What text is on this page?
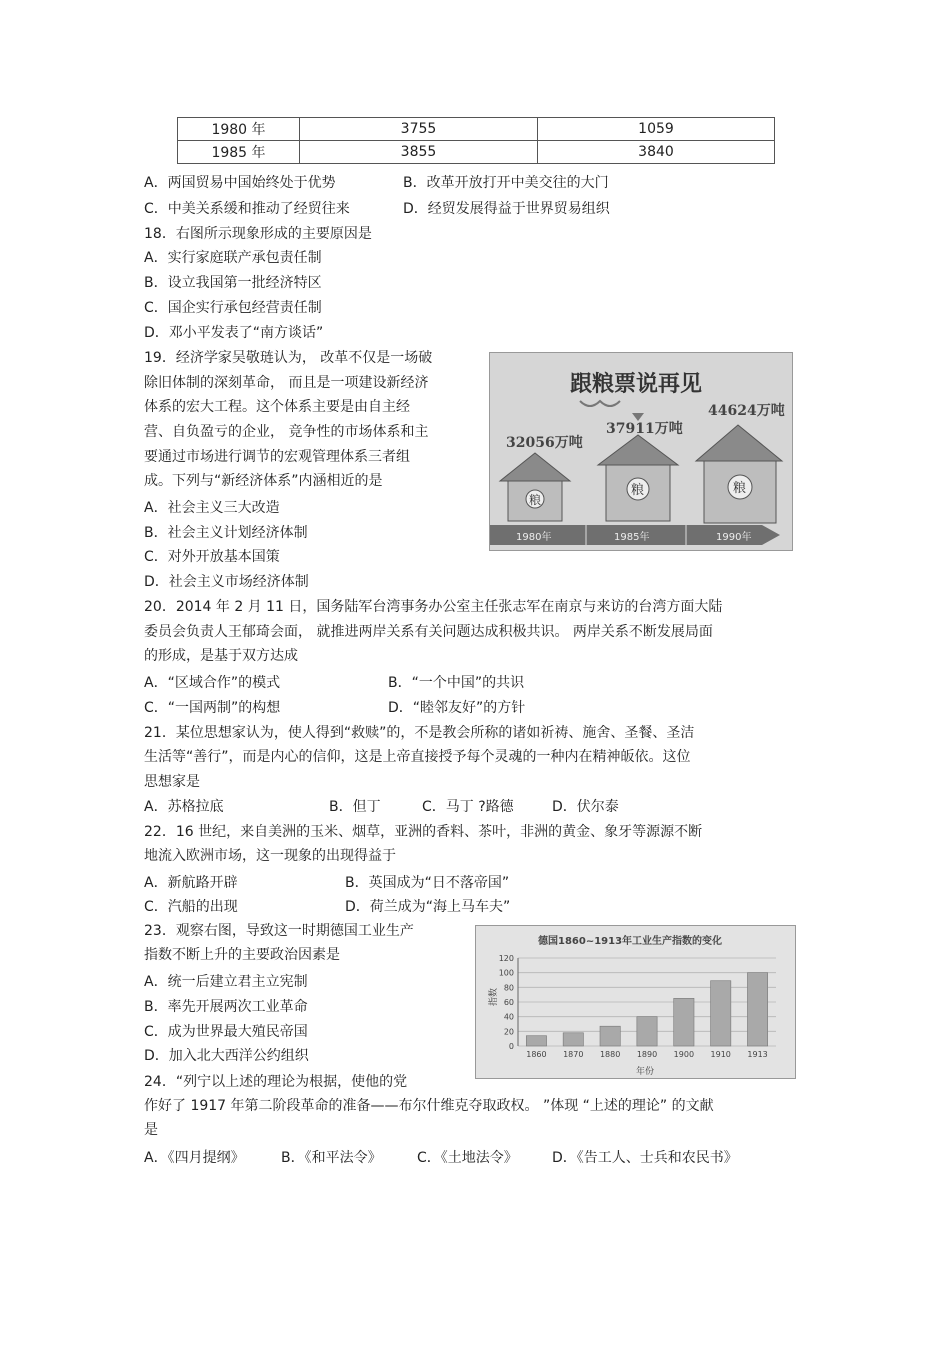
1980 年	3755	1059
1985 年	3855	3840
A．两国贸易中国始终处于优势	B．改革开放打开中美交往的大门
C．中美关系缓和推动了经贸往来	D．经贸发展得益于世界贸易组织
18．右图所示现象形成的主要原因是
A．实行家庭联产承包责任制
B．设立我国第一批经济特区
C．国企实行承包经营责任制
D．邓小平发表了“南方谈话”
19．经济学家吴敬琏认为， 改革不仅是一场破
除旧体制的深刻革命， 而且是一项建设新经济
体系的宏大工程。这个体系主要是由自主经
营、自负盈亏的企业， 竞争性的市场体系和主
要通过市场进行调节的宏观管理体系三者组
成。下列与“新经济体系”内涵相近的是
A．社会主义三大改造
B．社会主义计划经济体制
C．对外开放基本国策
D．社会主义市场经济体制
跟粮票说再见
32056万吨
37911万吨
44624万吨
粮
粮	粮
1980年	1985年	1990年
20．2014 年 2 月 11 日，国务陆军台湾事务办公室主任张志军在南京与来访的台湾方面大陆
委员会负责人王郁琦会面， 就推进两岸关系有关问题达成积极共识。 两岸关系不断发展局面
的形成，是基于双方达成
A．“区域合作”的模式	B．“一个中国”的共识
C．“一国两制”的构想	D．“睦邻友好”的方针
21．某位思想家认为，使人得到“救赎”的，不是教会所称的诸如祈祷、施舍、圣餐、圣洁
生活等“善行”，而是内心的信仰，这是上帝直接授予每个灵魂的一种内在精神皈依。这位
思想家是
A．苏格拉底	B．但丁	C．马丁 ?路德	D．伏尔泰
22．16 世纪，来自美洲的玉米、烟草，亚洲的香料、茶叶，非洲的黄金、象牙等源源不断
地流入欧洲市场，这一现象的出现得益于
A．新航路开辟	B．英国成为“日不落帝国”
C．汽船的出现	D．荷兰成为“海上马车夫”
23．观察右图，导致这一时期德国工业生产
指数不断上升的主要政治因素是
A．统一后建立君主立宪制
B．率先开展两次工业革命
C．成为世界最大殖民帝国
D．加入北大西洋公约组织
德国1860~1913年工业生产指数的变化
指数
年份
0
20
40
60
80
100
120
1860 1870 1880 1890 1900 1910 1913
24．“列宁以上述的理论为根据，使他的党
作好了 1917 年第二阶段革命的准备——布尔什维克夺取政权。 ”体现 “上述的理论” 的文献
是
A．《四月提纲》	B．《和平法令》	C．《土地法令》 D．《告工人、士兵和农民书》
